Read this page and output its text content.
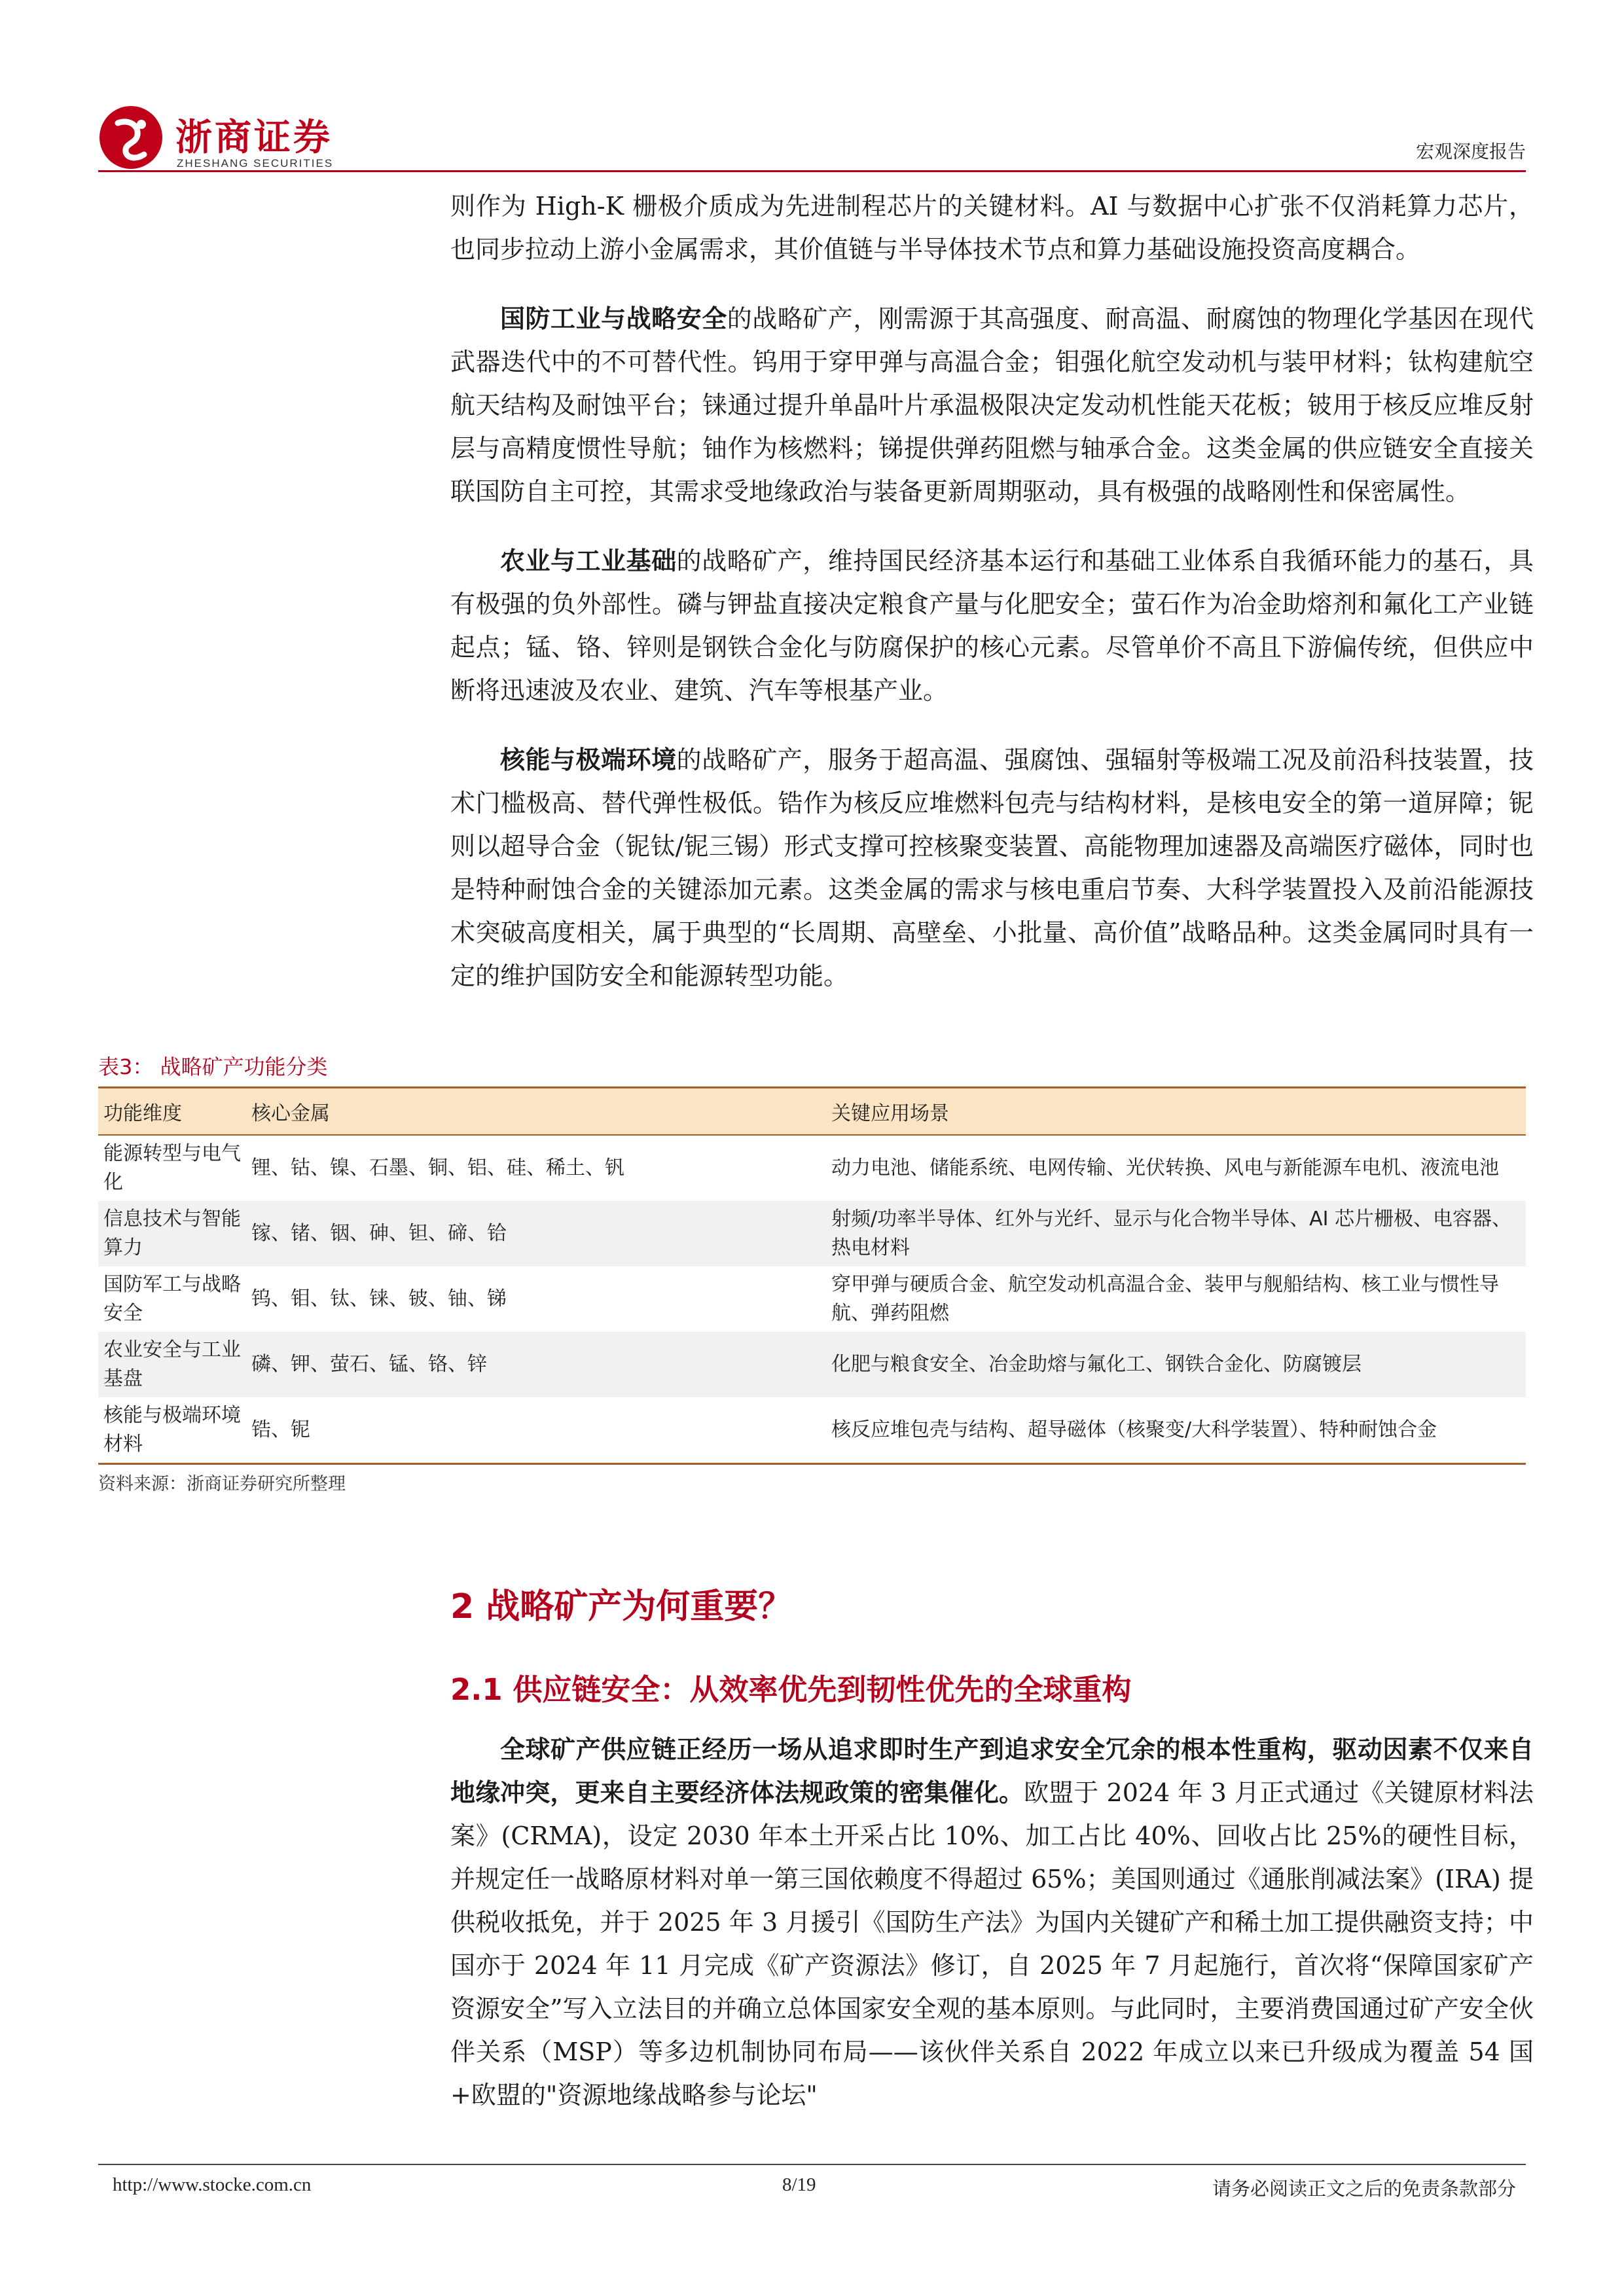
浙商证券
ZHESHANG SECURITIES
宏观深度报告

则作为 High-K 栅极介质成为先进制程芯片的关键材料。AI 与数据中心扩张不仅消耗算力芯片，也同步拉动上游小金属需求，其价值链与半导体技术节点和算力基础设施投资高度耦合。

国防工业与战略安全的战略矿产，刚需源于其高强度、耐高温、耐腐蚀的物理化学基因在现代武器迭代中的不可替代性。钨用于穿甲弹与高温合金；钼强化航空发动机与装甲材料；钛构建航空航天结构及耐蚀平台；铼通过提升单晶叶片承温极限决定发动机性能天花板；铍用于核反应堆反射层与高精度惯性导航；铀作为核燃料；锑提供弹药阻燃与轴承合金。这类金属的供应链安全直接关联国防自主可控，其需求受地缘政治与装备更新周期驱动，具有极强的战略刚性和保密属性。

农业与工业基础的战略矿产，维持国民经济基本运行和基础工业体系自我循环能力的基石，具有极强的负外部性。磷与钾盐直接决定粮食产量与化肥安全；萤石作为冶金助熔剂和氟化工产业链起点；锰、铬、锌则是钢铁合金化与防腐保护的核心元素。尽管单价不高且下游偏传统，但供应中断将迅速波及农业、建筑、汽车等根基产业。

核能与极端环境的战略矿产，服务于超高温、强腐蚀、强辐射等极端工况及前沿科技装置，技术门槛极高、替代弹性极低。锆作为核反应堆燃料包壳与结构材料，是核电安全的第一道屏障；铌则以超导合金（铌钛/铌三锡）形式支撑可控核聚变装置、高能物理加速器及高端医疗磁体，同时也是特种耐蚀合金的关键添加元素。这类金属的需求与核电重启节奏、大科学装置投入及前沿能源技术突破高度相关，属于典型的“长周期、高壁垒、小批量、高价值”战略品种。这类金属同时具有一定的维护国防安全和能源转型功能。

表3： 战略矿产功能分类
功能维度	核心金属	关键应用场景
能源转型与电气化	锂、钴、镍、石墨、铜、铝、硅、稀土、钒	动力电池、储能系统、电网传输、光伏转换、风电与新能源车电机、液流电池
信息技术与智能算力	镓、锗、铟、砷、钽、碲、铪	射频/功率半导体、红外与光纤、显示与化合物半导体、AI 芯片栅极、电容器、热电材料
国防军工与战略安全	钨、钼、钛、铼、铍、铀、锑	穿甲弹与硬质合金、航空发动机高温合金、装甲与舰船结构、核工业与惯性导航、弹药阻燃
农业安全与工业基盘	磷、钾、萤石、锰、铬、锌	化肥与粮食安全、冶金助熔与氟化工、钢铁合金化、防腐镀层
核能与极端环境材料	锆、铌	核反应堆包壳与结构、超导磁体（核聚变/大科学装置）、特种耐蚀合金
资料来源：浙商证券研究所整理
2 战略矿产为何重要？
2.1 供应链安全：从效率优先到韧性优先的全球重构

全球矿产供应链正经历一场从追求即时生产到追求安全冗余的根本性重构，驱动因素不仅来自地缘冲突，更来自主要经济体法规政策的密集催化。欧盟于 2024 年 3 月正式通过《关键原材料法案》(CRMA)，设定 2030 年本土开采占比 10%、加工占比 40%、回收占比 25%的硬性目标，并规定任一战略原材料对单一第三国依赖度不得超过 65%；美国则通过《通胀削减法案》(IRA) 提供税收抵免，并于 2025 年 3 月援引《国防生产法》为国内关键矿产和稀土加工提供融资支持；中国亦于 2024 年 11 月完成《矿产资源法》修订，自 2025 年 7 月起施行，首次将“保障国家矿产资源安全”写入立法目的并确立总体国家安全观的基本原则。与此同时，主要消费国通过矿产安全伙伴关系（MSP）等多边机制协同布局——该伙伴关系自 2022 年成立以来已升级成为覆盖 54 国+欧盟的"资源地缘战略参与论坛"

http://www.stocke.com.cn	8/19	请务必阅读正文之后的免责条款部分
